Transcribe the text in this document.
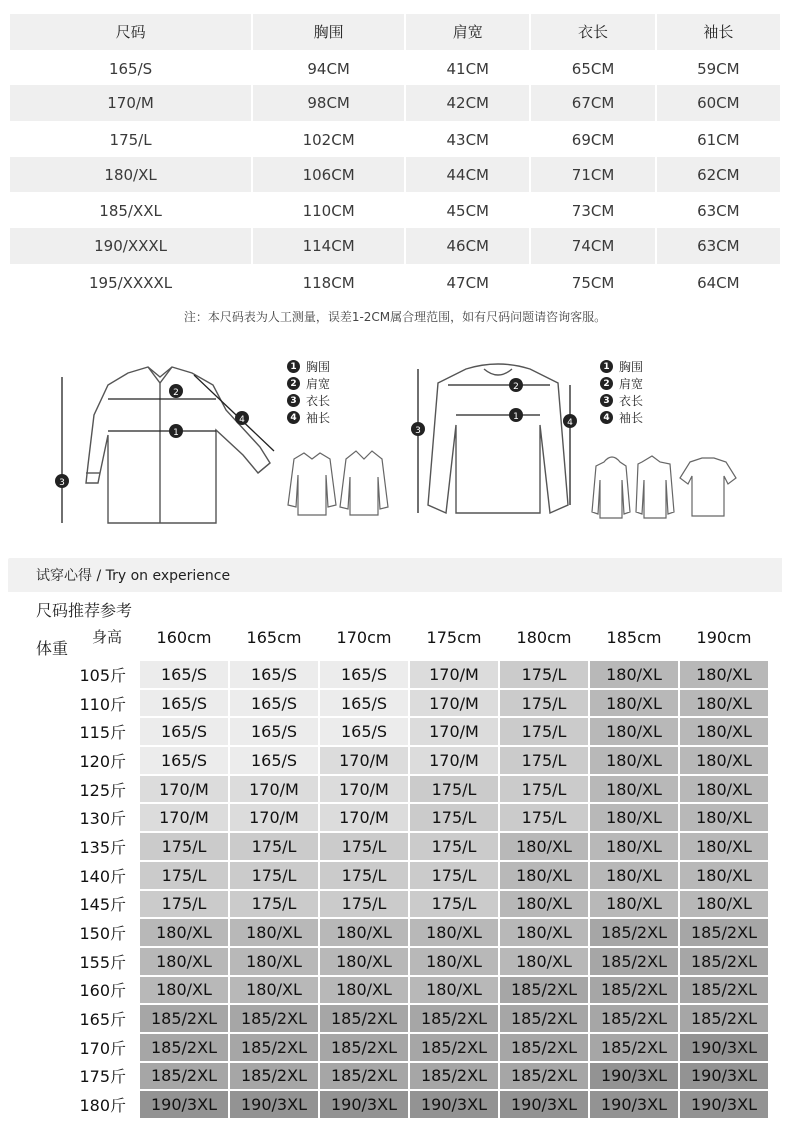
尺码	胸围	肩宽	衣长	袖长
165/S	94CM	41CM	65CM	59CM
170/M	98CM	42CM	67CM	60CM
175/L	102CM	43CM	69CM	61CM
180/XL	106CM	44CM	71CM	62CM
185/XXL	110CM	45CM	73CM	63CM
190/XXXL	114CM	46CM	74CM	63CM
195/XXXXL	118CM	47CM	75CM	64CM
注：本尺码表为人工测量，误差1-2CM属合理范围，如有尺码问题请咨询客服。
2
1
3
4
1 胸围
2 肩宽
3 衣长
4 袖长
2
1
3
4
1 胸围
2 肩宽
3 衣长
4 袖长
试穿心得 / Try on experience
尺码推荐参考
体重
身高	160cm	165cm	170cm	175cm	180cm	185cm	190cm
105斤	165/S	165/S	165/S	170/M	175/L	180/XL	180/XL
110斤	165/S	165/S	165/S	170/M	175/L	180/XL	180/XL
115斤	165/S	165/S	165/S	170/M	175/L	180/XL	180/XL
120斤	165/S	165/S	170/M	170/M	175/L	180/XL	180/XL
125斤	170/M	170/M	170/M	175/L	175/L	180/XL	180/XL
130斤	170/M	170/M	170/M	175/L	175/L	180/XL	180/XL
135斤	175/L	175/L	175/L	175/L	180/XL	180/XL	180/XL
140斤	175/L	175/L	175/L	175/L	180/XL	180/XL	180/XL
145斤	175/L	175/L	175/L	175/L	180/XL	180/XL	180/XL
150斤	180/XL	180/XL	180/XL	180/XL	180/XL	185/2XL	185/2XL
155斤	180/XL	180/XL	180/XL	180/XL	180/XL	185/2XL	185/2XL
160斤	180/XL	180/XL	180/XL	180/XL	185/2XL	185/2XL	185/2XL
165斤	185/2XL	185/2XL	185/2XL	185/2XL	185/2XL	185/2XL	185/2XL
170斤	185/2XL	185/2XL	185/2XL	185/2XL	185/2XL	185/2XL	190/3XL
175斤	185/2XL	185/2XL	185/2XL	185/2XL	185/2XL	190/3XL	190/3XL
180斤	190/3XL	190/3XL	190/3XL	190/3XL	190/3XL	190/3XL	190/3XL
